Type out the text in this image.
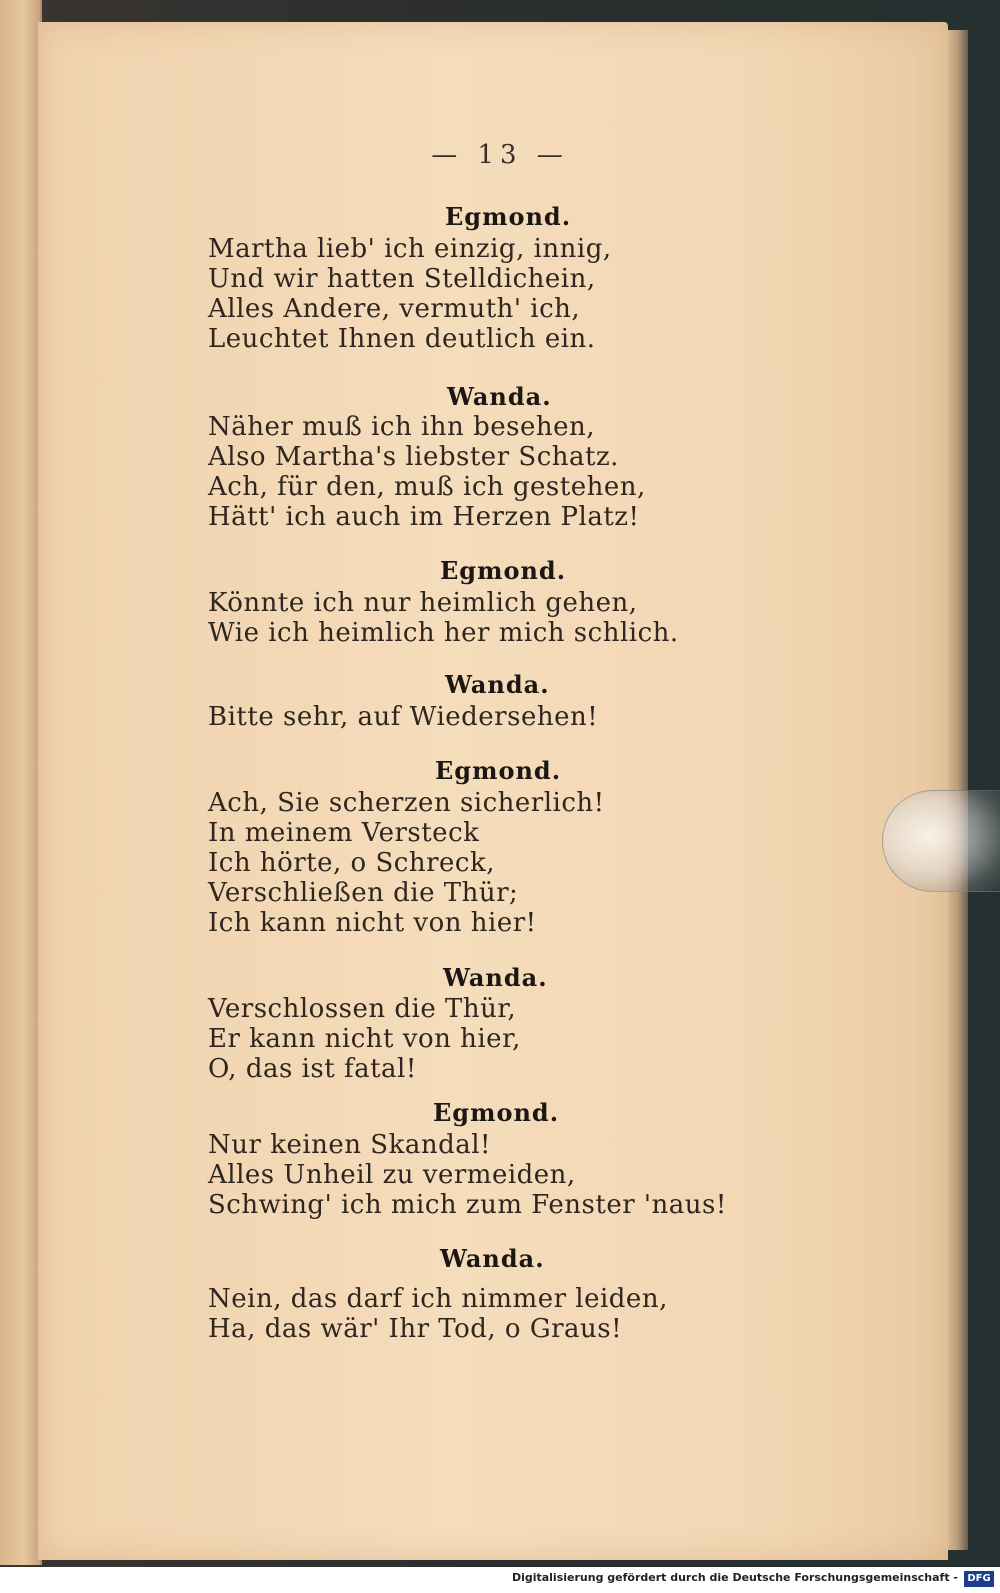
— 13 —
Egmond.
Martha lieb' ich einzig, innig,
Und wir hatten Stelldichein,
Alles Andere, vermuth' ich,
Leuchtet Ihnen deutlich ein.
Wanda.
Näher muß ich ihn besehen,
Also Martha's liebster Schatz.
Ach, für den, muß ich gestehen,
Hätt' ich auch im Herzen Platz!
Egmond.
Könnte ich nur heimlich gehen,
Wie ich heimlich her mich schlich.
Wanda.
Bitte sehr, auf Wiedersehen!
Egmond.
Ach, Sie scherzen sicherlich!
In meinem Versteck
Ich hörte, o Schreck,
Verschließen die Thür;
Ich kann nicht von hier!
Wanda.
Verschlossen die Thür,
Er kann nicht von hier,
O, das ist fatal!
Egmond.
Nur keinen Skandal!
Alles Unheil zu vermeiden,
Schwing' ich mich zum Fenster 'naus!
Wanda.
Nein, das darf ich nimmer leiden,
Ha, das wär' Ihr Tod, o Graus!
Digitalisierung gefördert durch die Deutsche Forschungsgemeinschaft - DFG
